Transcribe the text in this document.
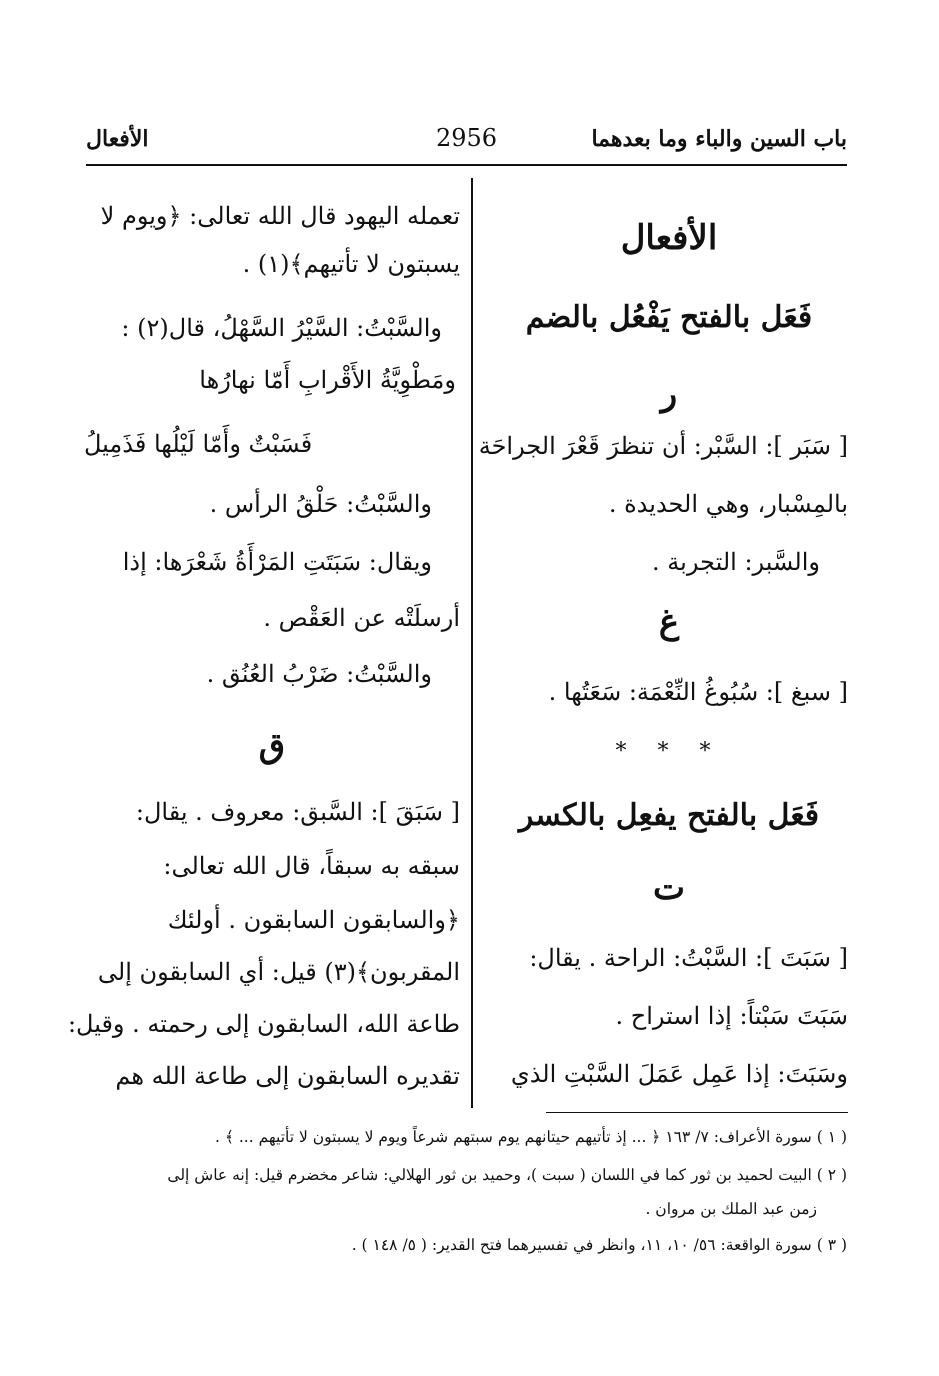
باب السين والباء وما بعدهما
2956
الأفعال
الأفعال
فَعَل بالفتح يَفْعُل بالضم
ر
[ سَبَر ]: السَّبْر: أن تنظرَ قَعْرَ الجراحَة
بالمِسْبار، وهي الحديدة .
والسَّبر: التجربة .
غ
[ سبغ ]: سُبُوغُ النِّعْمَة: سَعَتُها .
* * *
فَعَل بالفتح يفعِل بالكسر
ت
[ سَبَتَ ]: السَّبْتُ: الراحة . يقال:
سَبَتَ سَبْتاً: إذا استراح .
وسَبَتَ: إذا عَمِل عَمَلَ السَّبْتِ الذي
تعمله اليهود قال الله تعالى: ﴿ويوم لا
يسبتون لا تأتيهم﴾(١) .
والسَّبْتُ: السَّيْرُ السَّهْلُ، قال(٢) :
ومَطْوِيَّةُ الأَقْرابِ أَمّا نهارُها
فَسَبْتٌ وأَمّا لَيْلُها فَذَمِيلُ
والسَّبْتُ: حَلْقُ الرأس .
ويقال: سَبَتَتِ المَرْأَةُ شَعْرَها: إذا
أرسلَتْه عن العَقْص .
والسَّبْتُ: ضَرْبُ العُنُق .
ق
[ سَبَقَ ]: السَّبق: معروف . يقال:
سبقه به سبقاً، قال الله تعالى:
﴿والسابقون السابقون . أولئك
المقربون﴾(٣) قيل: أي السابقون إلى
طاعة الله، السابقون إلى رحمته . وقيل:
تقديره السابقون إلى طاعة الله هم
( ١ ) سورة الأعراف: ٧/ ١٦٣ ﴿ ... إذ تأتيهم حيتانهم يوم سبتهم شرعاً ويوم لا يسبتون لا تأتيهم ... ﴾ .
( ٢ ) البيت لحميد بن ثور كما في اللسان ( سبت )، وحميد بن ثور الهلالي: شاعر مخضرم قيل: إنه عاش إلى
زمن عبد الملك بن مروان .
( ٣ ) سورة الواقعة: ٥٦/ ١٠، ١١، وانظر في تفسيرهما فتح القدير: ( ٥/ ١٤٨ ) .
